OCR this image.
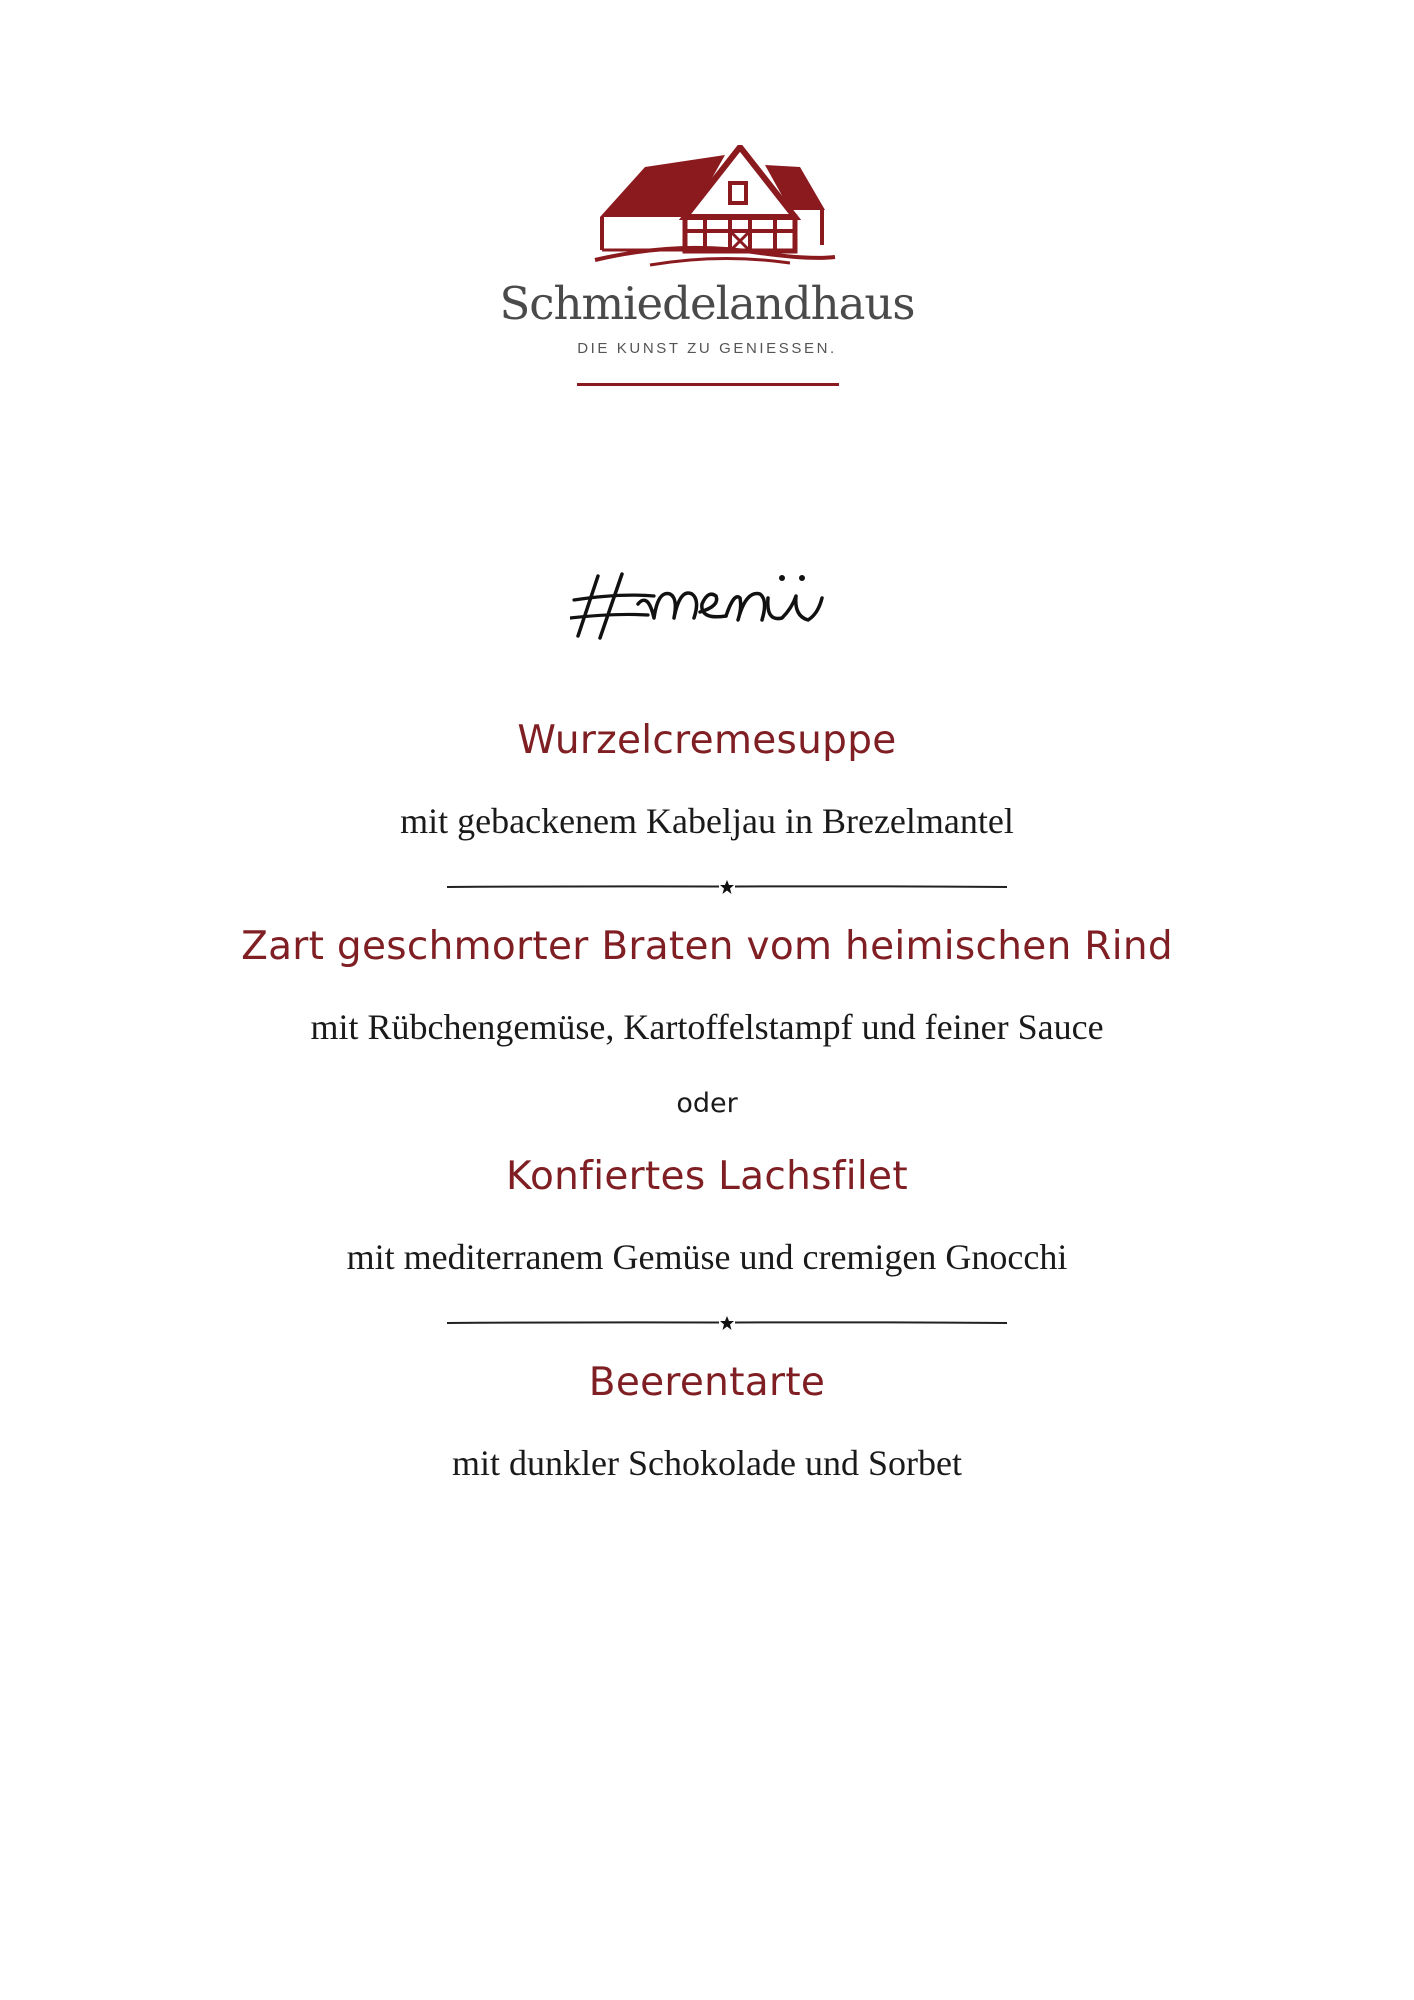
Schmiedelandhaus
DIE KUNST ZU GENIESSEN.
Wurzelcremesuppe
mit gebackenem Kabeljau in Brezelmantel
Zart geschmorter Braten vom heimischen Rind
mit Rübchengemüse, Kartoffelstampf und feiner Sauce
oder
Konfiertes Lachsfilet
mit mediterranem Gemüse und cremigen Gnocchi
Beerentarte
mit dunkler Schokolade und Sorbet
